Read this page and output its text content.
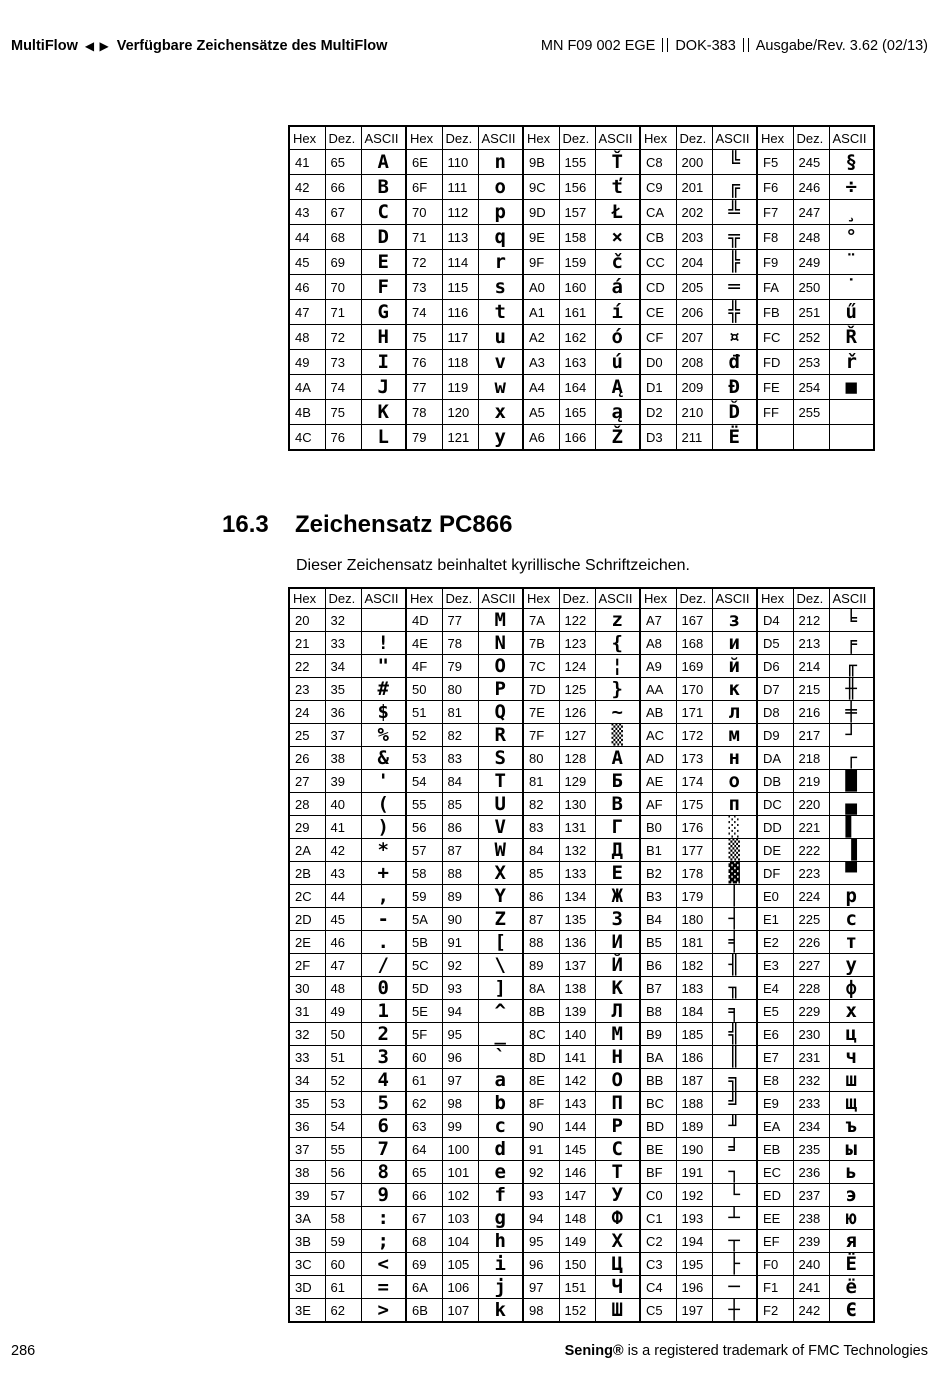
MultiFlow ◀ ▶ Verfügbare Zeichensätze des MultiFlow	MN F09 002 EGE DOK-383 Ausgabe/Rev. 3.62 (02/13)
Hex	Dez.	ASCII	Hex	Dez.	ASCII	Hex	Dez.	ASCII	Hex	Dez.	ASCII	Hex	Dez.	ASCII
41	65	A	6E	110	n	9B	155	Ť	C8	200	╚	F5	245	§
42	66	B	6F	111	o	9C	156	ť	C9	201	╔	F6	246	÷
43	67	C	70	112	p	9D	157	Ł	CA	202	╩	F7	247	¸
44	68	D	71	113	q	9E	158	×	CB	203	╦	F8	248	°
45	69	E	72	114	r	9F	159	č	CC	204	╠	F9	249	¨
46	70	F	73	115	s	A0	160	á	CD	205	═	FA	250	˙
47	71	G	74	116	t	A1	161	í	CE	206	╬	FB	251	ű
48	72	H	75	117	u	A2	162	ó	CF	207	¤	FC	252	Ř
49	73	I	76	118	v	A3	163	ú	D0	208	đ	FD	253	ř
4A	74	J	77	119	w	A4	164	Ą	D1	209	Đ	FE	254	■
4B	75	K	78	120	x	A5	165	ą	D2	210	Ď	FF	255	
4C	76	L	79	121	y	A6	166	Ž	D3	211	Ë			
16.3 Zeichensatz PC866
Dieser Zeichensatz beinhaltet kyrillische Schriftzeichen.
Hex	Dez.	ASCII	Hex	Dez.	ASCII	Hex	Dez.	ASCII	Hex	Dez.	ASCII	Hex	Dez.	ASCII
20	32		4D	77	M	7A	122	z	A7	167	з	D4	212	╘
21	33	!	4E	78	N	7B	123	{	A8	168	и	D5	213	╒
22	34	"	4F	79	O	7C	124	¦	A9	169	й	D6	214	╓
23	35	#	50	80	P	7D	125	}	AA	170	к	D7	215	╫
24	36	$	51	81	Q	7E	126	~	AB	171	л	D8	216	╪
25	37	%	52	82	R	7F	127	▒	AC	172	м	D9	217	┘
26	38	&	53	83	S	80	128	А	AD	173	н	DA	218	┌
27	39	'	54	84	T	81	129	Б	AE	174	о	DB	219	█
28	40	(	55	85	U	82	130	В	AF	175	п	DC	220	▄
29	41	)	56	86	V	83	131	Г	B0	176	░	DD	221	▌
2A	42	*	57	87	W	84	132	Д	B1	177	▒	DE	222	▐
2B	43	+	58	88	X	85	133	Е	B2	178	▓	DF	223	▀
2C	44	,	59	89	Y	86	134	Ж	B3	179	│	E0	224	р
2D	45	-	5A	90	Z	87	135	З	B4	180	┤	E1	225	с
2E	46	.	5B	91	[	88	136	И	B5	181	╡	E2	226	т
2F	47	/	5C	92	\	89	137	Й	B6	182	╢	E3	227	у
30	48	0	5D	93	]	8A	138	К	B7	183	╖	E4	228	ф
31	49	1	5E	94	^	8B	139	Л	B8	184	╕	E5	229	х
32	50	2	5F	95	_	8C	140	М	B9	185	╣	E6	230	ц
33	51	3	60	96	`	8D	141	Н	BA	186	║	E7	231	ч
34	52	4	61	97	a	8E	142	О	BB	187	╗	E8	232	ш
35	53	5	62	98	b	8F	143	П	BC	188	╝	E9	233	щ
36	54	6	63	99	c	90	144	Р	BD	189	╜	EA	234	ъ
37	55	7	64	100	d	91	145	С	BE	190	╛	EB	235	ы
38	56	8	65	101	e	92	146	Т	BF	191	┐	EC	236	ь
39	57	9	66	102	f	93	147	У	C0	192	└	ED	237	э
3A	58	:	67	103	g	94	148	Ф	C1	193	┴	EE	238	ю
3B	59	;	68	104	h	95	149	Х	C2	194	┬	EF	239	я
3C	60	<	69	105	i	96	150	Ц	C3	195	├	F0	240	Ё
3D	61	=	6A	106	j	97	151	Ч	C4	196	─	F1	241	ё
3E	62	>	6B	107	k	98	152	Ш	C5	197	┼	F2	242	Є
286	Sening® is a registered trademark of FMC Technologies
